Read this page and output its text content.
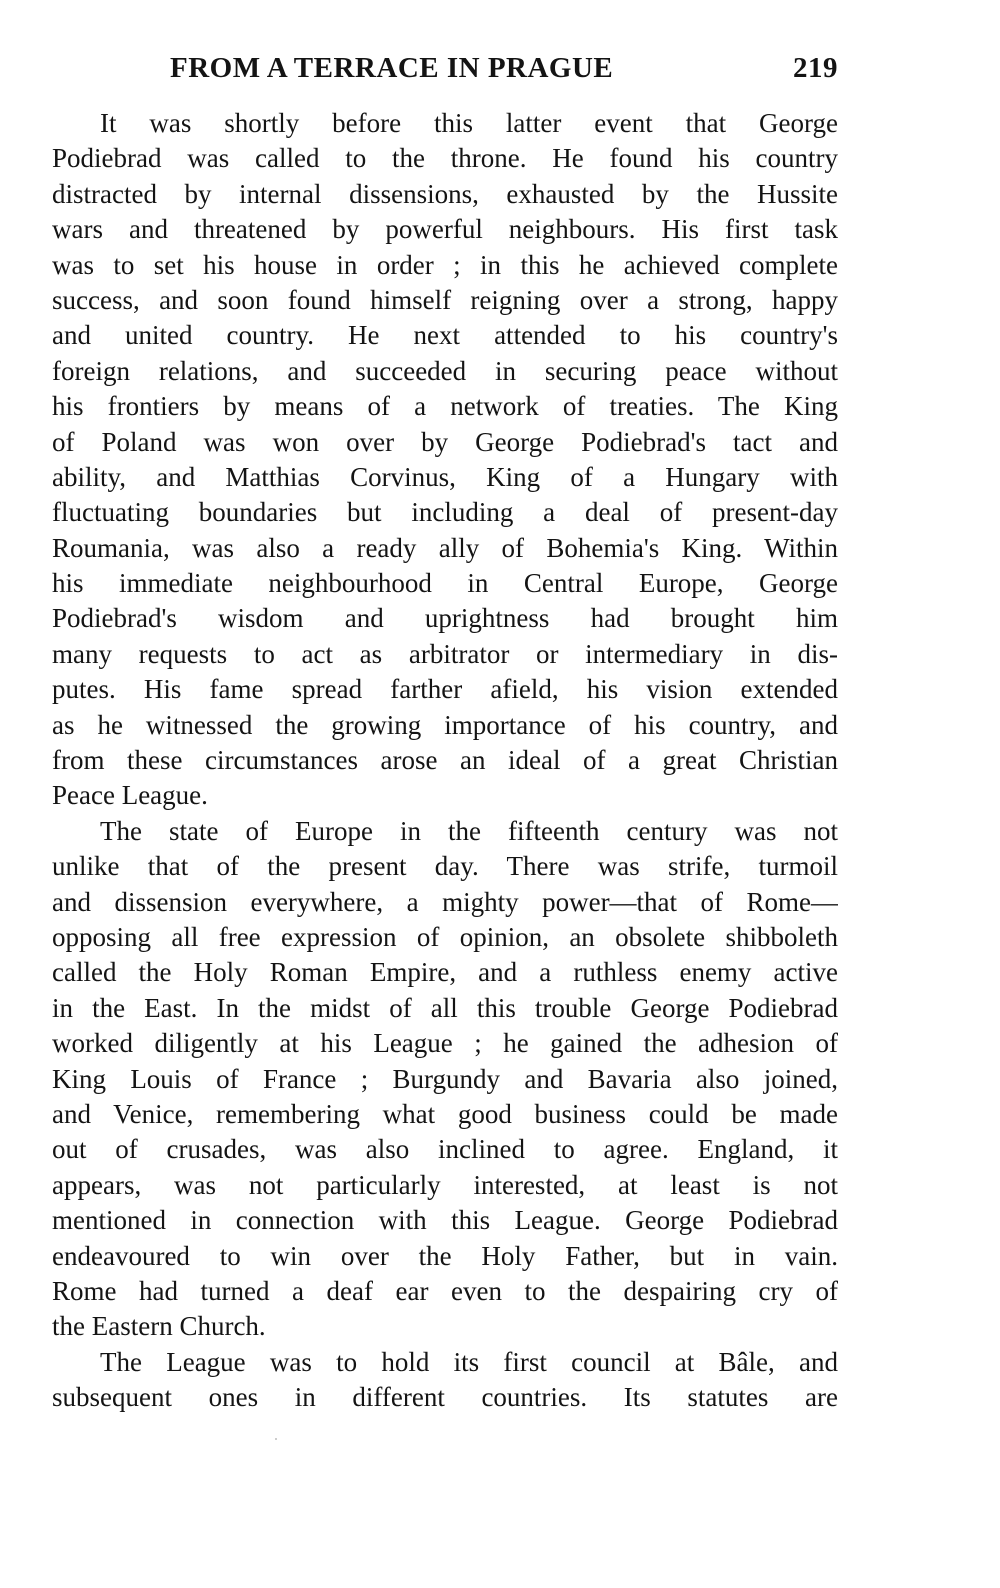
FROM A TERRACE IN PRAGUE	219
It was shortly before this latter event that George
Podiebrad was called to the throne. He found his country
distracted by internal dissensions, exhausted by the Hussite
wars and threatened by powerful neighbours. His first task
was to set his house in order ; in this he achieved complete
success, and soon found himself reigning over a strong, happy
and united country. He next attended to his country's
foreign relations, and succeeded in securing peace without
his frontiers by means of a network of treaties. The King
of Poland was won over by George Podiebrad's tact and
ability, and Matthias Corvinus, King of a Hungary with
fluctuating boundaries but including a deal of present-day
Roumania, was also a ready ally of Bohemia's King. Within
his immediate neighbourhood in Central Europe, George
Podiebrad's wisdom and uprightness had brought him
many requests to act as arbitrator or intermediary in dis-
putes. His fame spread farther afield, his vision extended
as he witnessed the growing importance of his country, and
from these circumstances arose an ideal of a great Christian
Peace League.
The state of Europe in the fifteenth century was not
unlike that of the present day. There was strife, turmoil
and dissension everywhere, a mighty power—that of Rome—
opposing all free expression of opinion, an obsolete shibboleth
called the Holy Roman Empire, and a ruthless enemy active
in the East. In the midst of all this trouble George Podiebrad
worked diligently at his League ; he gained the adhesion of
King Louis of France ; Burgundy and Bavaria also joined,
and Venice, remembering what good business could be made
out of crusades, was also inclined to agree. England, it
appears, was not particularly interested, at least is not
mentioned in connection with this League. George Podiebrad
endeavoured to win over the Holy Father, but in vain.
Rome had turned a deaf ear even to the despairing cry of
the Eastern Church.
The League was to hold its first council at Bâle, and
subsequent ones in different countries. Its statutes are
